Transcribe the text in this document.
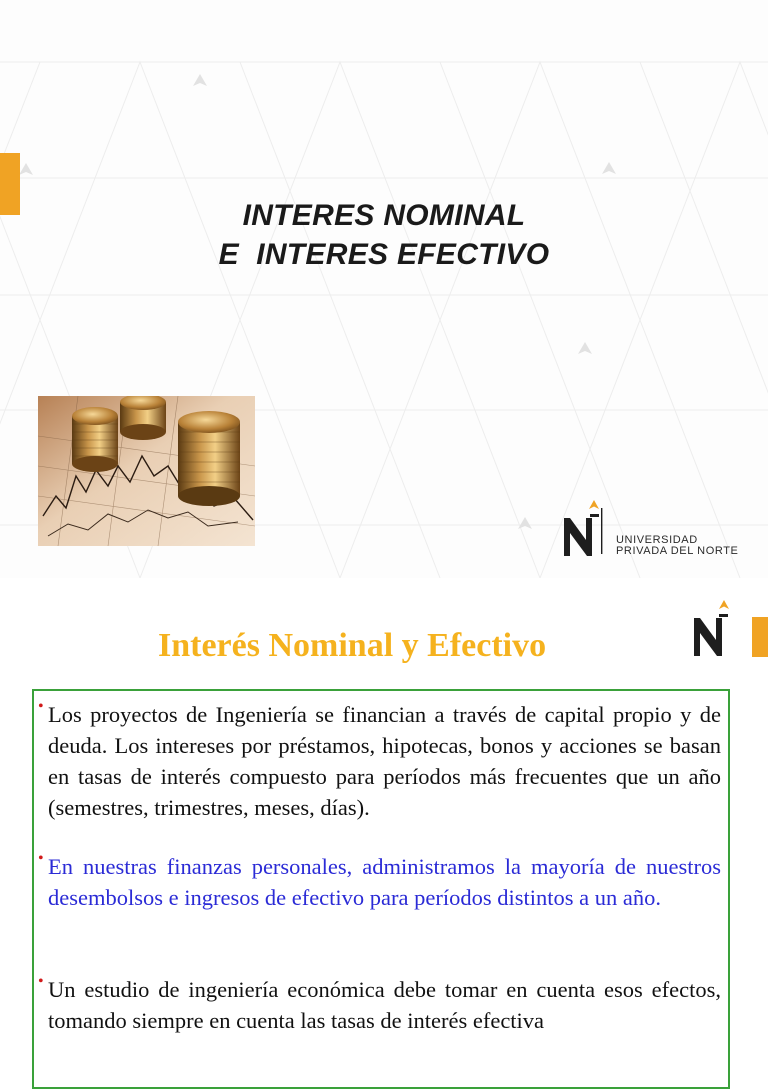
INTERES NOMINAL
E  INTERES EFECTIVO
UNIVERSIDAD
PRIVADA DEL NORTE
Interés Nominal y Efectivo
• Los proyectos de Ingeniería se financian a través de capital propio y de deuda. Los intereses por préstamos, hipotecas, bonos y acciones se basan en tasas de interés compuesto para períodos más frecuentes que un año (semestres, trimestres, meses, días).
• En nuestras finanzas personales, administramos la mayoría de nuestros desembolsos e ingresos de efectivo para períodos distintos a un año.
• Un estudio de ingeniería económica debe tomar en cuenta esos efectos, tomando siempre en cuenta las tasas de interés efectiva
